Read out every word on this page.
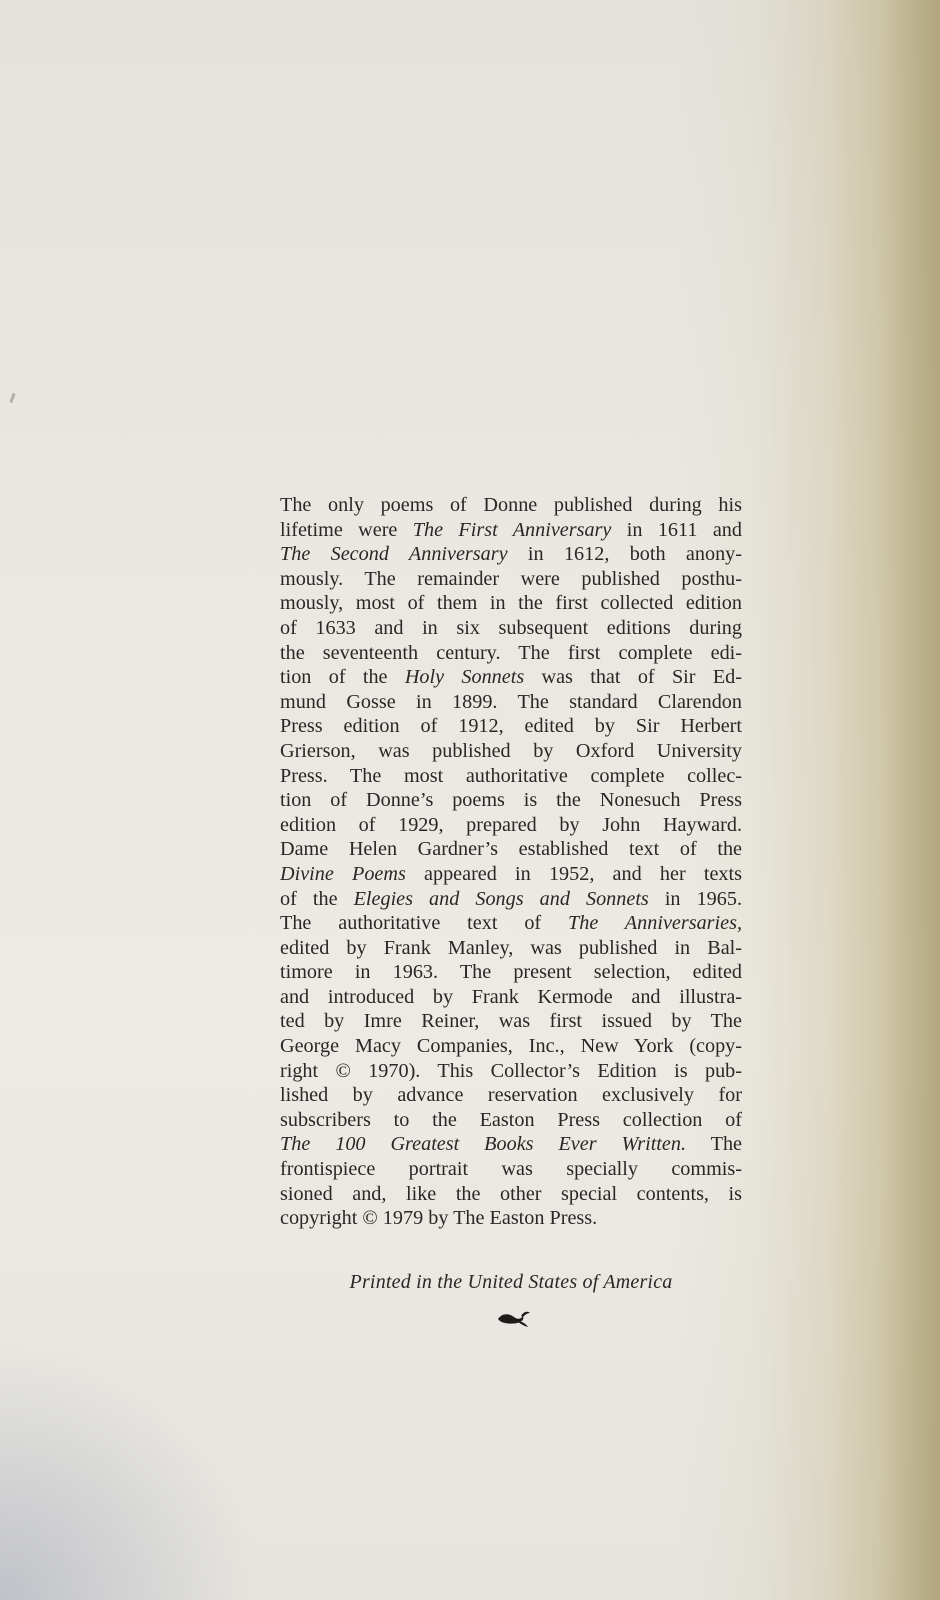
The only poems of Donne published during his
lifetime were The First Anniversary in 1611 and
The Second Anniversary in 1612, both anony-
mously. The remainder were published posthu-
mously, most of them in the first collected edition
of 1633 and in six subsequent editions during
the seventeenth century. The first complete edi-
tion of the Holy Sonnets was that of Sir Ed-
mund Gosse in 1899. The standard Clarendon
Press edition of 1912, edited by Sir Herbert
Grierson, was published by Oxford University
Press. The most authoritative complete collec-
tion of Donne’s poems is the Nonesuch Press
edition of 1929, prepared by John Hayward.
Dame Helen Gardner’s established text of the
Divine Poems appeared in 1952, and her texts
of the Elegies and Songs and Sonnets in 1965.
The authoritative text of The Anniversaries,
edited by Frank Manley, was published in Bal-
timore in 1963. The present selection, edited
and introduced by Frank Kermode and illustra-
ted by Imre Reiner, was first issued by The
George Macy Companies, Inc., New York (copy-
right © 1970). This Collector’s Edition is pub-
lished by advance reservation exclusively for
subscribers to the Easton Press collection of
The 100 Greatest Books Ever Written. The
frontispiece portrait was specially commis-
sioned and, like the other special contents, is
copyright © 1979 by The Easton Press.
Printed in the United States of America
